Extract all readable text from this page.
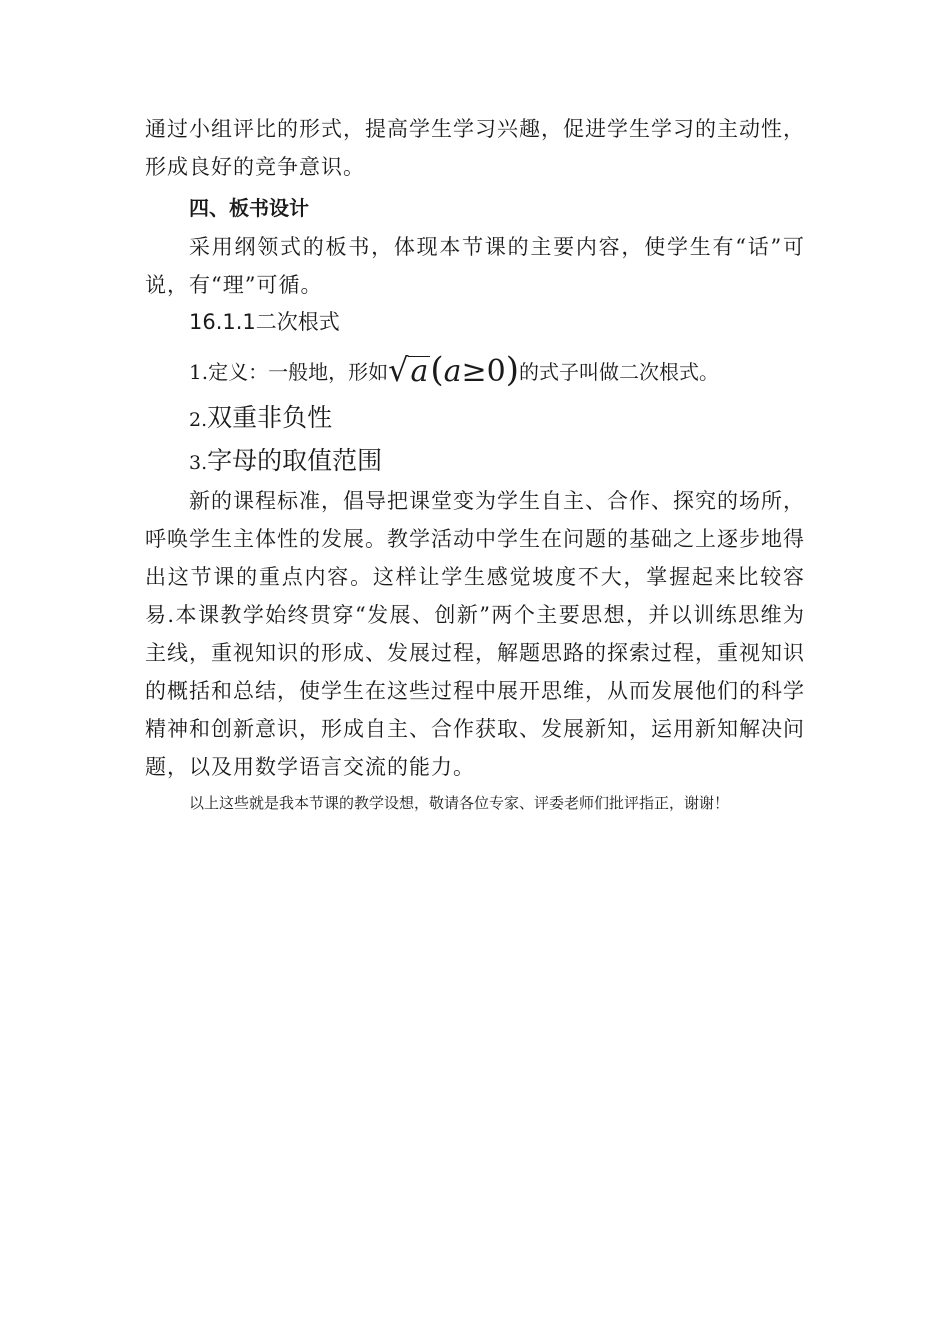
通过小组评比的形式，提高学生学习兴趣，促进学生学习的主动性，形成良好的竞争意识。

四、板书设计

采用纲领式的板书，体现本节课的主要内容，使学生有“话”可说，有“理”可循。

16.1.1二次根式

1.定义：一般地，形如√a(a≥0)的式子叫做二次根式。

2.双重非负性

3.字母的取值范围

新的课程标准，倡导把课堂变为学生自主、合作、探究的场所，呼唤学生主体性的发展。教学活动中学生在问题的基础之上逐步地得出这节课的重点内容。这样让学生感觉坡度不大，掌握起来比较容易.本课教学始终贯穿“发展、创新”两个主要思想，并以训练思维为主线，重视知识的形成、发展过程，解题思路的探索过程，重视知识的概括和总结，使学生在这些过程中展开思维，从而发展他们的科学精神和创新意识，形成自主、合作获取、发展新知，运用新知解决问题，以及用数学语言交流的能力。

以上这些就是我本节课的教学设想，敬请各位专家、评委老师们批评指正，谢谢！
